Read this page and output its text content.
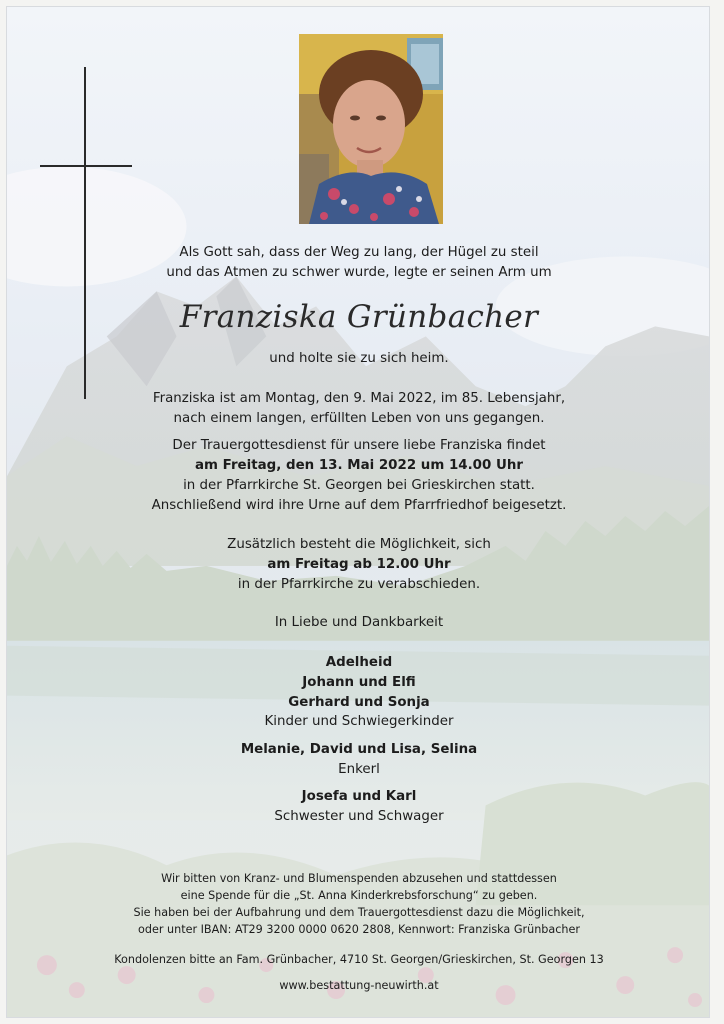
Als Gott sah, dass der Weg zu lang, der Hügel zu steil
und das Atmen zu schwer wurde, legte er seinen Arm um
Franziska Grünbacher
und holte sie zu sich heim.
Franziska ist am Montag, den 9. Mai 2022, im 85. Lebensjahr,
nach einem langen, erfüllten Leben von uns gegangen.
Der Trauergottesdienst für unsere liebe Franziska findet
am Freitag, den 13. Mai 2022 um 14.00 Uhr
in der Pfarrkirche St. Georgen bei Grieskirchen statt.
Anschließend wird ihre Urne auf dem Pfarrfriedhof beigesetzt.
Zusätzlich besteht die Möglichkeit, sich
am Freitag ab 12.00 Uhr
in der Pfarrkirche zu verabschieden.
In Liebe und Dankbarkeit
Adelheid
Johann und Elfi
Gerhard und Sonja
Kinder und Schwiegerkinder
Melanie, David und Lisa, Selina
Enkerl
Josefa und Karl
Schwester und Schwager
Wir bitten von Kranz- und Blumenspenden abzusehen und stattdessen
eine Spende für die „St. Anna Kinderkrebsforschung“ zu geben.
Sie haben bei der Aufbahrung und dem Trauergottesdienst dazu die Möglichkeit,
oder unter IBAN: AT29 3200 0000 0620 2808, Kennwort: Franziska Grünbacher
Kondolenzen bitte an Fam. Grünbacher, 4710 St. Georgen/Grieskirchen, St. Georgen 13
www.bestattung-neuwirth.at
